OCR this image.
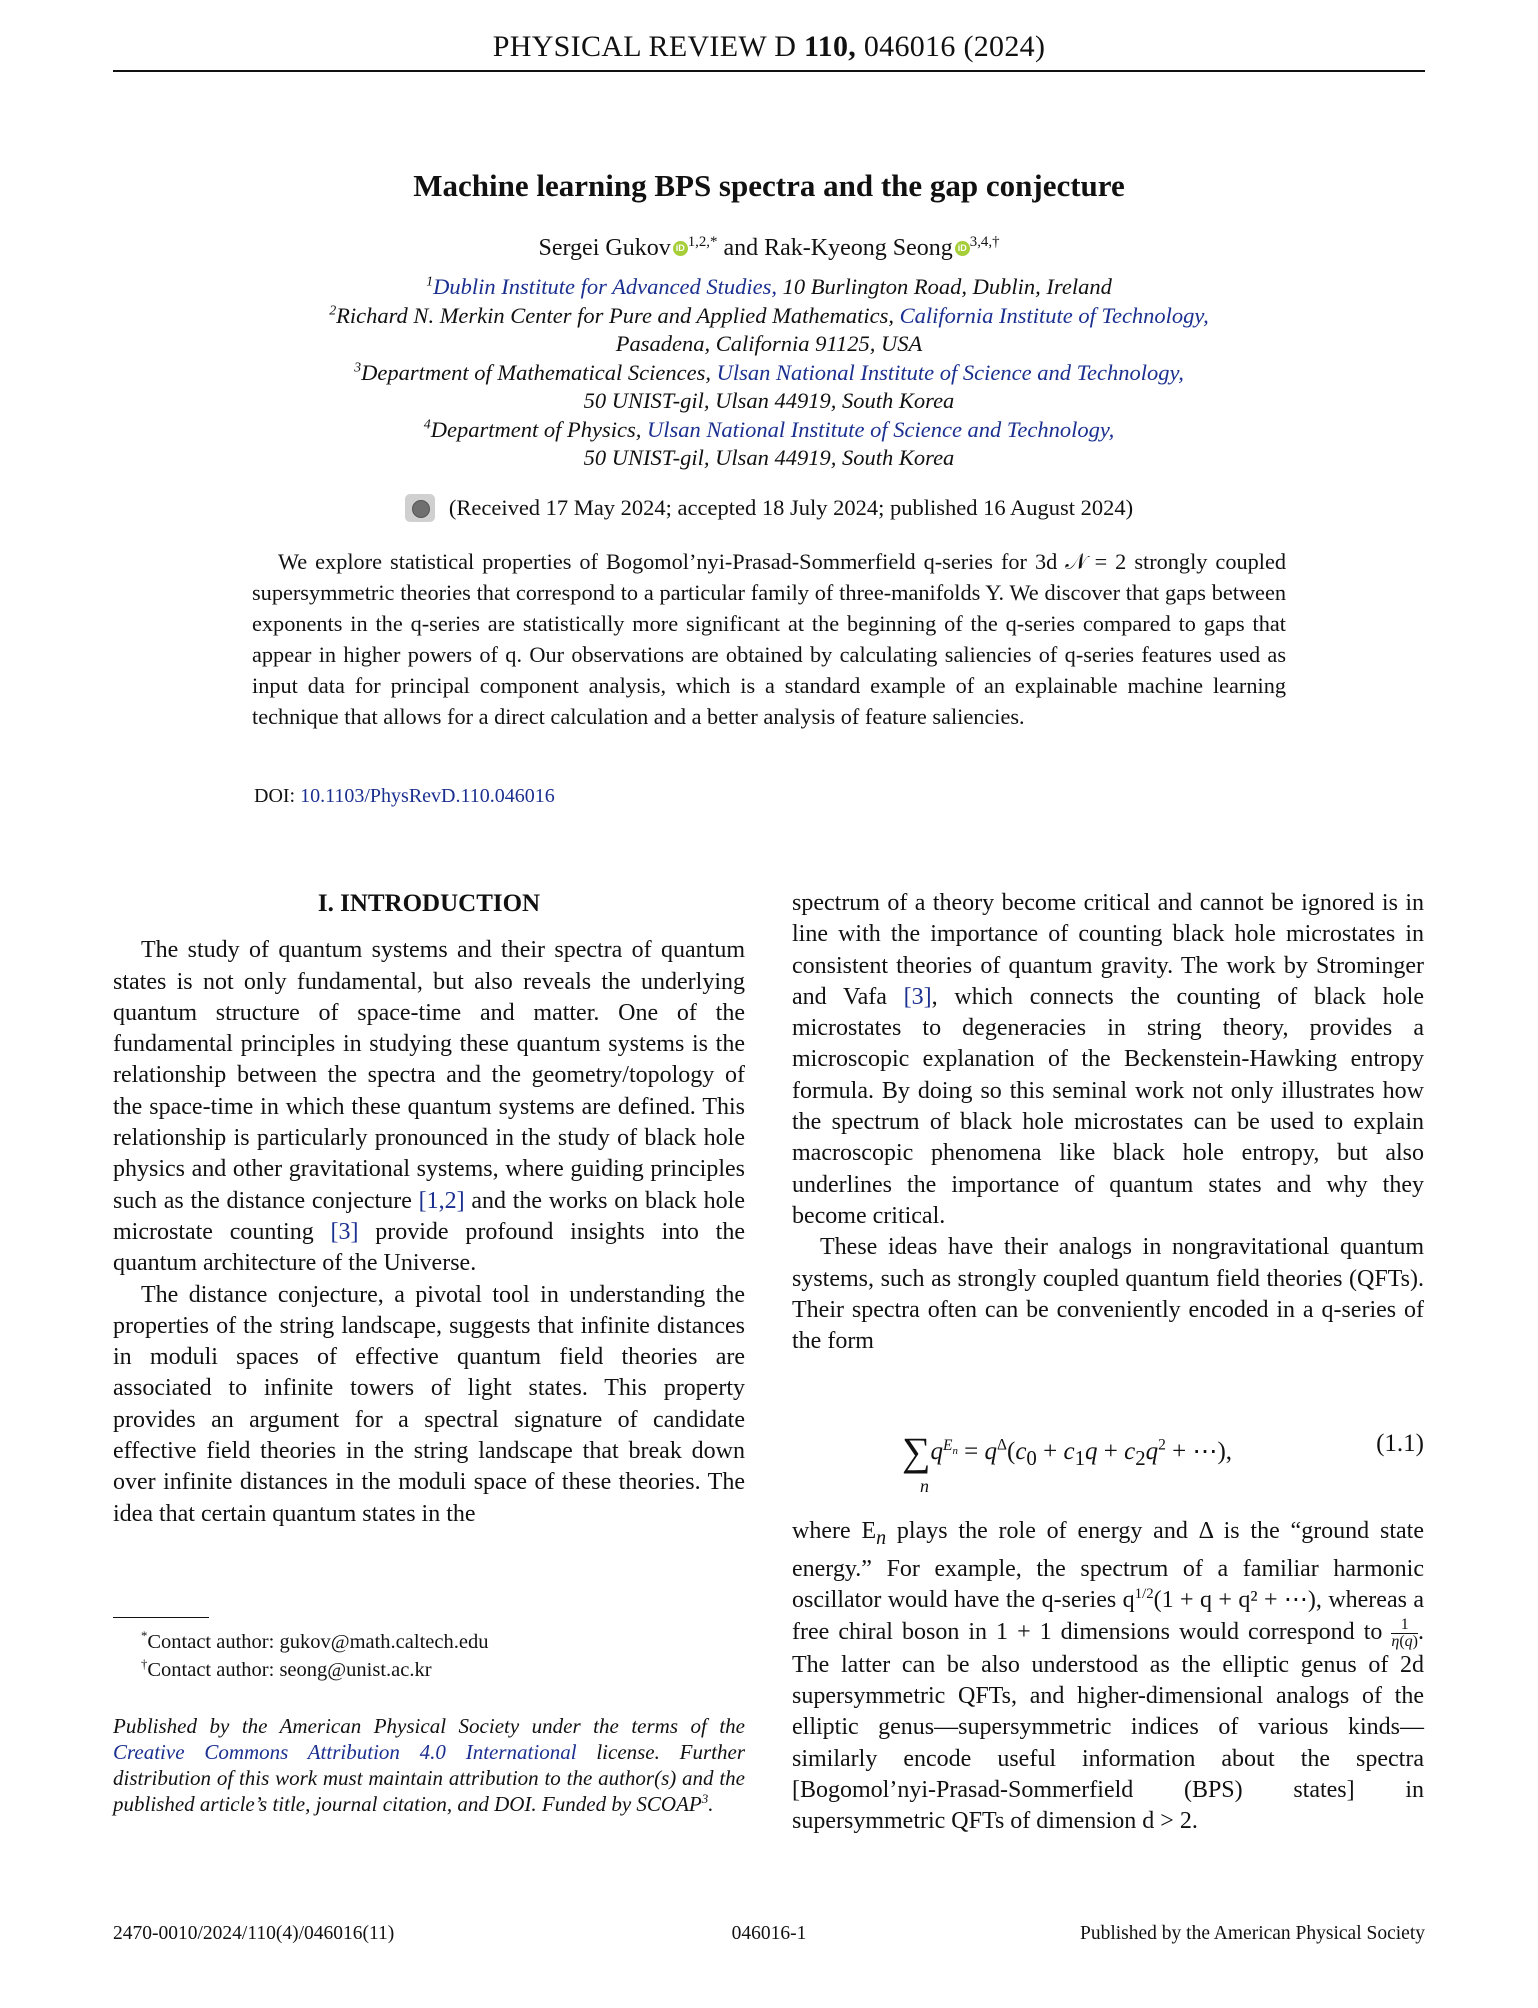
PHYSICAL REVIEW D 110, 046016 (2024)
Machine learning BPS spectra and the gap conjecture
Sergei Gukov iD $^{1,2,*}$ and Rak-Kyeong Seong iD $^{3,4,\dagger}$
$^1$Dublin Institute for Advanced Studies, 10 Burlington Road, Dublin, Ireland
$^2$Richard N. Merkin Center for Pure and Applied Mathematics, California Institute of Technology,
Pasadena, California 91125, USA
$^3$Department of Mathematical Sciences, Ulsan National Institute of Science and Technology,
50 UNIST-gil, Ulsan 44919, South Korea
$^4$Department of Physics, Ulsan National Institute of Science and Technology,
50 UNIST-gil, Ulsan 44919, South Korea
(Received 17 May 2024; accepted 18 July 2024; published 16 August 2024)
We explore statistical properties of Bogomol’nyi-Prasad-Sommerfield q-series for 3d 𝒩 = 2 strongly coupled supersymmetric theories that correspond to a particular family of three-manifolds Y. We discover that gaps between exponents in the q-series are statistically more significant at the beginning of the q-series compared to gaps that appear in higher powers of q. Our observations are obtained by calculating saliencies of q-series features used as input data for principal component analysis, which is a standard example of an explainable machine learning technique that allows for a direct calculation and a better analysis of feature saliencies.
DOI: 10.1103/PhysRevD.110.046016
I. INTRODUCTION

The study of quantum systems and their spectra of quantum states is not only fundamental, but also reveals the underlying quantum structure of space-time and matter. One of the fundamental principles in studying these quantum systems is the relationship between the spectra and the geometry/topology of the space-time in which these quantum systems are defined. This relationship is particularly pronounced in the study of black hole physics and other gravitational systems, where guiding principles such as the distance conjecture [1,2] and the works on black hole microstate counting [3] provide profound insights into the quantum architecture of the Universe.

The distance conjecture, a pivotal tool in understanding the properties of the string landscape, suggests that infinite distances in moduli spaces of effective quantum field theories are associated to infinite towers of light states. This property provides an argument for a spectral signature of candidate effective field theories in the string landscape that break down over infinite distances in the moduli space of these theories. The idea that certain quantum states in the

spectrum of a theory become critical and cannot be ignored is in line with the importance of counting black hole microstates in consistent theories of quantum gravity. The work by Strominger and Vafa [3], which connects the counting of black hole microstates to degeneracies in string theory, provides a microscopic explanation of the Beckenstein-Hawking entropy formula. By doing so this seminal work not only illustrates how the spectrum of black hole microstates can be used to explain macroscopic phenomena like black hole entropy, but also underlines the importance of quantum states and why they become critical.

These ideas have their analogs in nongravitational quantum systems, such as strongly coupled quantum field theories (QFTs). Their spectra often can be conveniently encoded in a q-series of the form

$\sum q^{E_n} = q^\Delta(c_0 + c_1q + c_2q^2$ + ⋯),
n
(1.1)

where $E_n$ plays the role of energy and Δ is the “ground state energy.” For example, the spectrum of a familiar harmonic oscillator would have the q-series $q^{1/2}(1 + q + q^2$ + ⋯), whereas a free chiral boson in 1 + 1 dimensions would correspond to $\frac{1}{\eta(q)}$ . The latter can be also understood as the elliptic genus of 2d supersymmetric QFTs, and higher-dimensional analogs of the elliptic genus—supersymmetric indices of various kinds—similarly encode useful information about the spectra [Bogomol’nyi-Prasad-Sommerfield (BPS) states] in supersymmetric QFTs of dimension d > 2.

*Contact author: gukov@math.caltech.edu
†Contact author: seong@unist.ac.kr
Published by the American Physical Society under the terms of the Creative Commons Attribution 4.0 International license. Further distribution of this work must maintain attribution to the author(s) and the published article’s title, journal citation, and DOI. Funded by SCOAP$^3$.
2470-0010/2024/110(4)/046016(11)	046016-1	Published by the American Physical Society
